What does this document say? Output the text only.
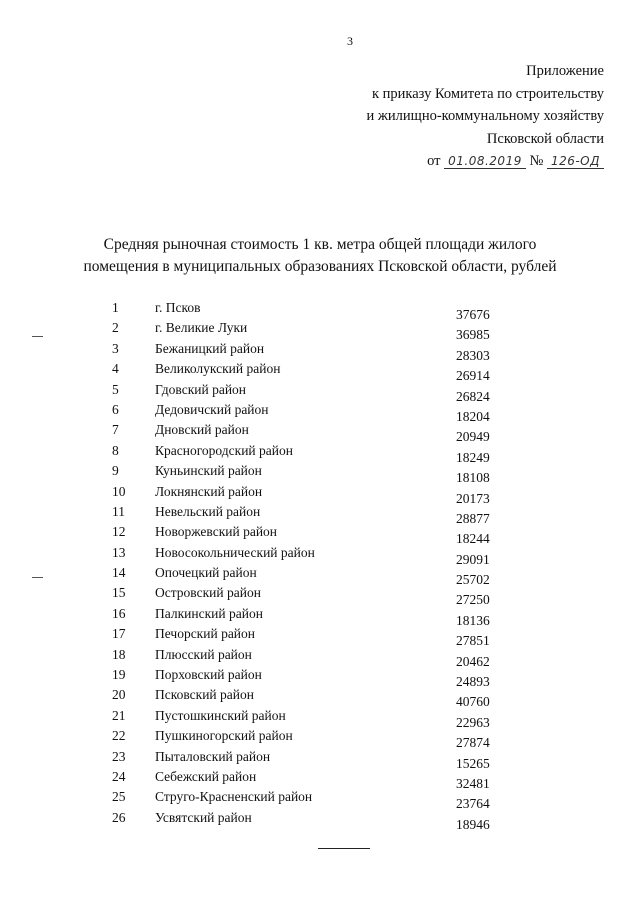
3
Приложение
к приказу Комитета по строительству
и жилищно-коммунальному хозяйству
Псковской области
от 01.08.2019 № 126-ОД
Средняя рыночная стоимость 1 кв. метра общей площади жилого
помещения в муниципальных образованиях Псковской области, рублей
1	г. Псков	37676
2	г. Великие Луки	36985
3	Бежаницкий район	28303
4	Великолукский район	26914
5	Гдовский район	26824
6	Дедовичский район	18204
7	Дновский район	20949
8	Красногородский район	18249
9	Куньинский район	18108
10	Локнянский район	20173
11	Невельский район	28877
12	Новоржевский район	18244
13	Новосокольнический район	29091
14	Опочецкий район	25702
15	Островский район	27250
16	Палкинский район	18136
17	Печорский район	27851
18	Плюсский район	20462
19	Порховский район	24893
20	Псковский район	40760
21	Пустошкинский район	22963
22	Пушкиногорский район	27874
23	Пыталовский район	15265
24	Себежский район	32481
25	Струго-Красненский район	23764
26	Усвятский район	18946
